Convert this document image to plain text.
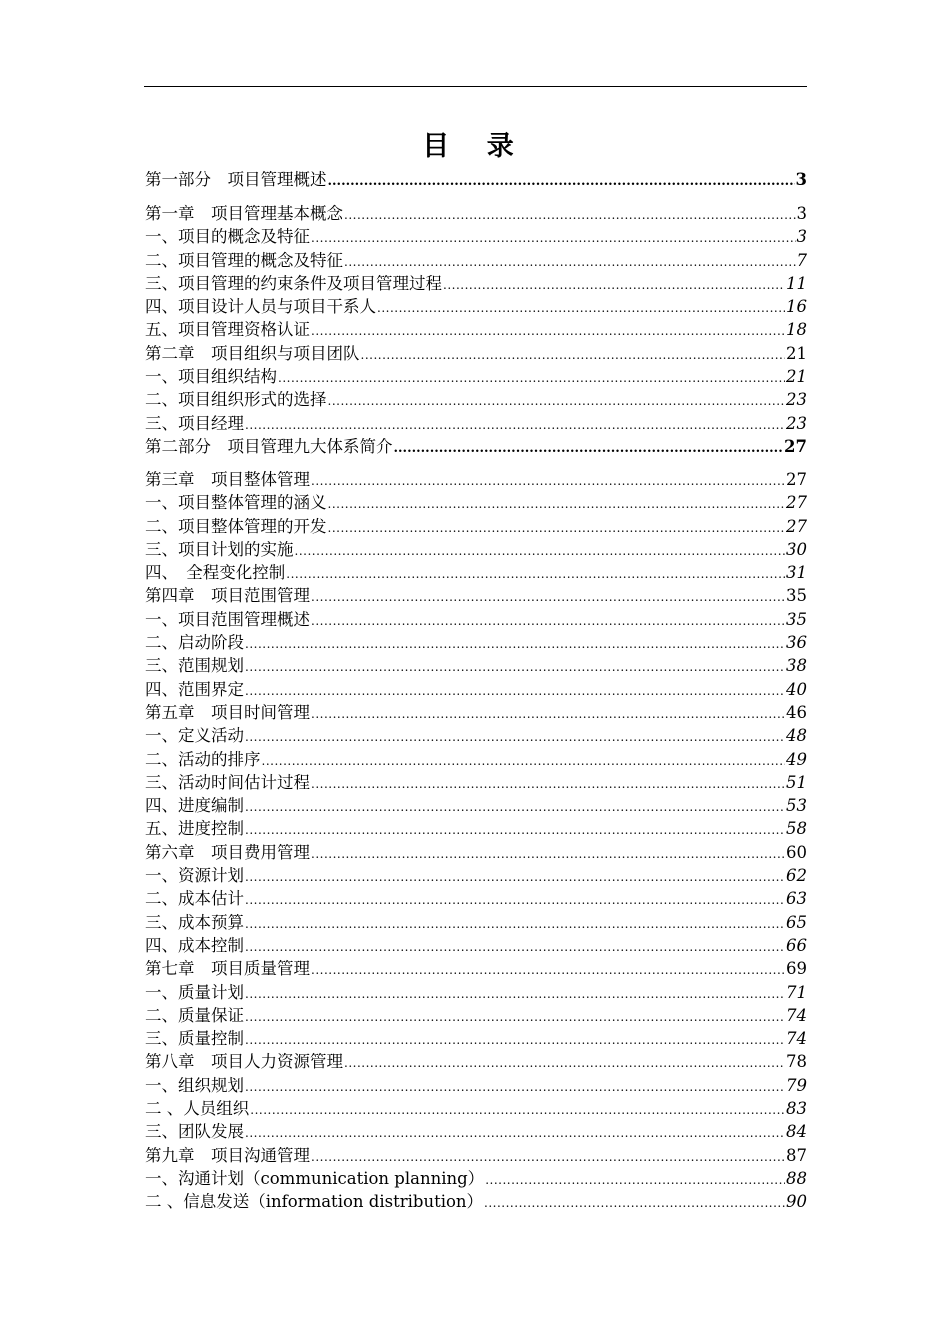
目 录
第一部分　项目管理概述 .....	3
第一章　项目管理基本概念 .....	3
一、项目的概念及特征 .....	3
二、项目管理的概念及特征 .....	7
三、项目管理的约束条件及项目管理过程 .....	11
四、项目设计人员与项目干系人 .....	16
五、项目管理资格认证 .....	18
第二章　项目组织与项目团队 .....	21
一、项目组织结构 .....	21
二、项目组织形式的选择 .....	23
三、项目经理 .....	23
第二部分　项目管理九大体系简介 .....	27
第三章　项目整体管理 .....	27
一、项目整体管理的涵义 .....	27
二、项目整体管理的开发 .....	27
三、项目计划的实施 .....	30
四、　全程变化控制 .....	31
第四章　项目范围管理 .....	35
一、项目范围管理概述 .....	35
二、启动阶段 .....	36
三、范围规划 .....	38
四、范围界定 .....	40
第五章　项目时间管理 .....	46
一、定义活动 .....	48
二、活动的排序 .....	49
三、活动时间估计过程 .....	51
四、进度编制 .....	53
五、进度控制 .....	58
第六章　项目费用管理 .....	60
一、资源计划 .....	62
二、成本估计 .....	63
三、成本预算 .....	65
四、成本控制 .....	66
第七章　项目质量管理 .....	69
一、质量计划 .....	71
二、质量保证 .....	74
三、质量控制 .....	74
第八章　项目人力资源管理 .....	78
一、组织规划 .....	79
二 、人员组织 .....	83
三、团队发展 .....	84
第九章　项目沟通管理 .....	87
一、沟通计划（communication planning） .....	88
二 、信息发送（information distribution） .....	90
